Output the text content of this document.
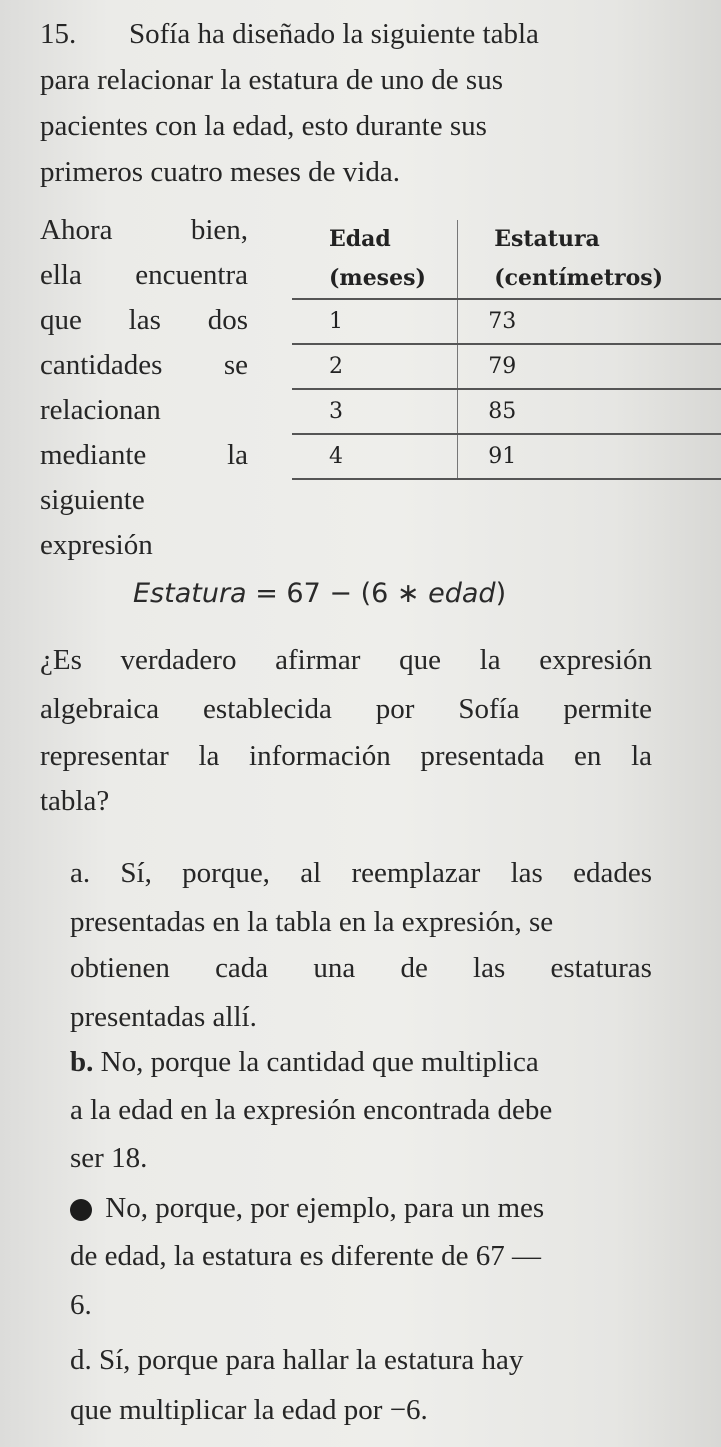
15. Sofía ha diseñado la siguiente tabla
para relacionar la estatura de uno de sus
pacientes con la edad, esto durante sus
primeros cuatro meses de vida.
Ahora	bien,
ella encuentra
que las dos
cantidades se
relacionan
mediante	la
siguiente
expresión
Edad	Estatura
(meses)	(centímetros)
1	73
2	79
3	85
4	91
Estatura = 67 − (6 ∗ edad)
¿Es verdadero afirmar que la expresión
algebraica establecida por Sofía permite
representar la información presentada en la
tabla?
a. Sí, porque, al reemplazar las edades
presentadas en la tabla en la expresión, se
obtienen cada una de las estaturas
presentadas allí.
b. No, porque la cantidad que multiplica
a la edad en la expresión encontrada debe
ser 18.
No, porque, por ejemplo, para un mes
de edad, la estatura es diferente de 67 —
6.
d. Sí, porque para hallar la estatura hay
que multiplicar la edad por −6.
